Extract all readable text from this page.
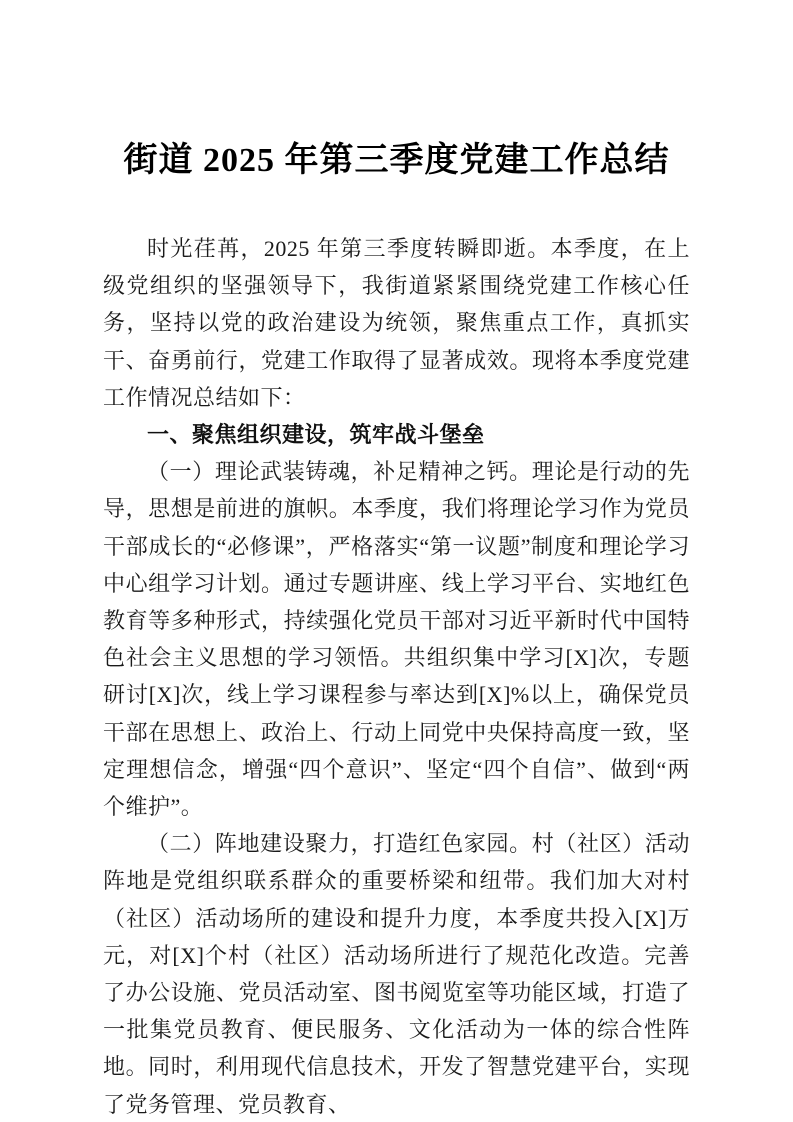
街道 2025 年第三季度党建工作总结

时光荏苒，2025 年第三季度转瞬即逝。本季度，在上级党组织的坚强领导下，我街道紧紧围绕党建工作核心任务，坚持以党的政治建设为统领，聚焦重点工作，真抓实干、奋勇前行，党建工作取得了显著成效。现将本季度党建工作情况总结如下：

一、聚焦组织建设，筑牢战斗堡垒

（一）理论武装铸魂，补足精神之钙。理论是行动的先导，思想是前进的旗帜。本季度，我们将理论学习作为党员干部成长的“必修课”，严格落实“第一议题”制度和理论学习中心组学习计划。通过专题讲座、线上学习平台、实地红色教育等多种形式，持续强化党员干部对习近平新时代中国特色社会主义思想的学习领悟。共组织集中学习[X]次，专题研讨[X]次，线上学习课程参与率达到[X]%以上，确保党员干部在思想上、政治上、行动上同党中央保持高度一致，坚定理想信念，增强“四个意识”、坚定“四个自信”、做到“两个维护”。

（二）阵地建设聚力，打造红色家园。村（社区）活动阵地是党组织联系群众的重要桥梁和纽带。我们加大对村（社区）活动场所的建设和提升力度，本季度共投入[X]万元，对[X]个村（社区）活动场所进行了规范化改造。完善了办公设施、党员活动室、图书阅览室等功能区域，打造了一批集党员教育、便民服务、文化活动为一体的综合性阵地。同时，利用现代信息技术，开发了智慧党建平台，实现了党务管理、党员教育、
